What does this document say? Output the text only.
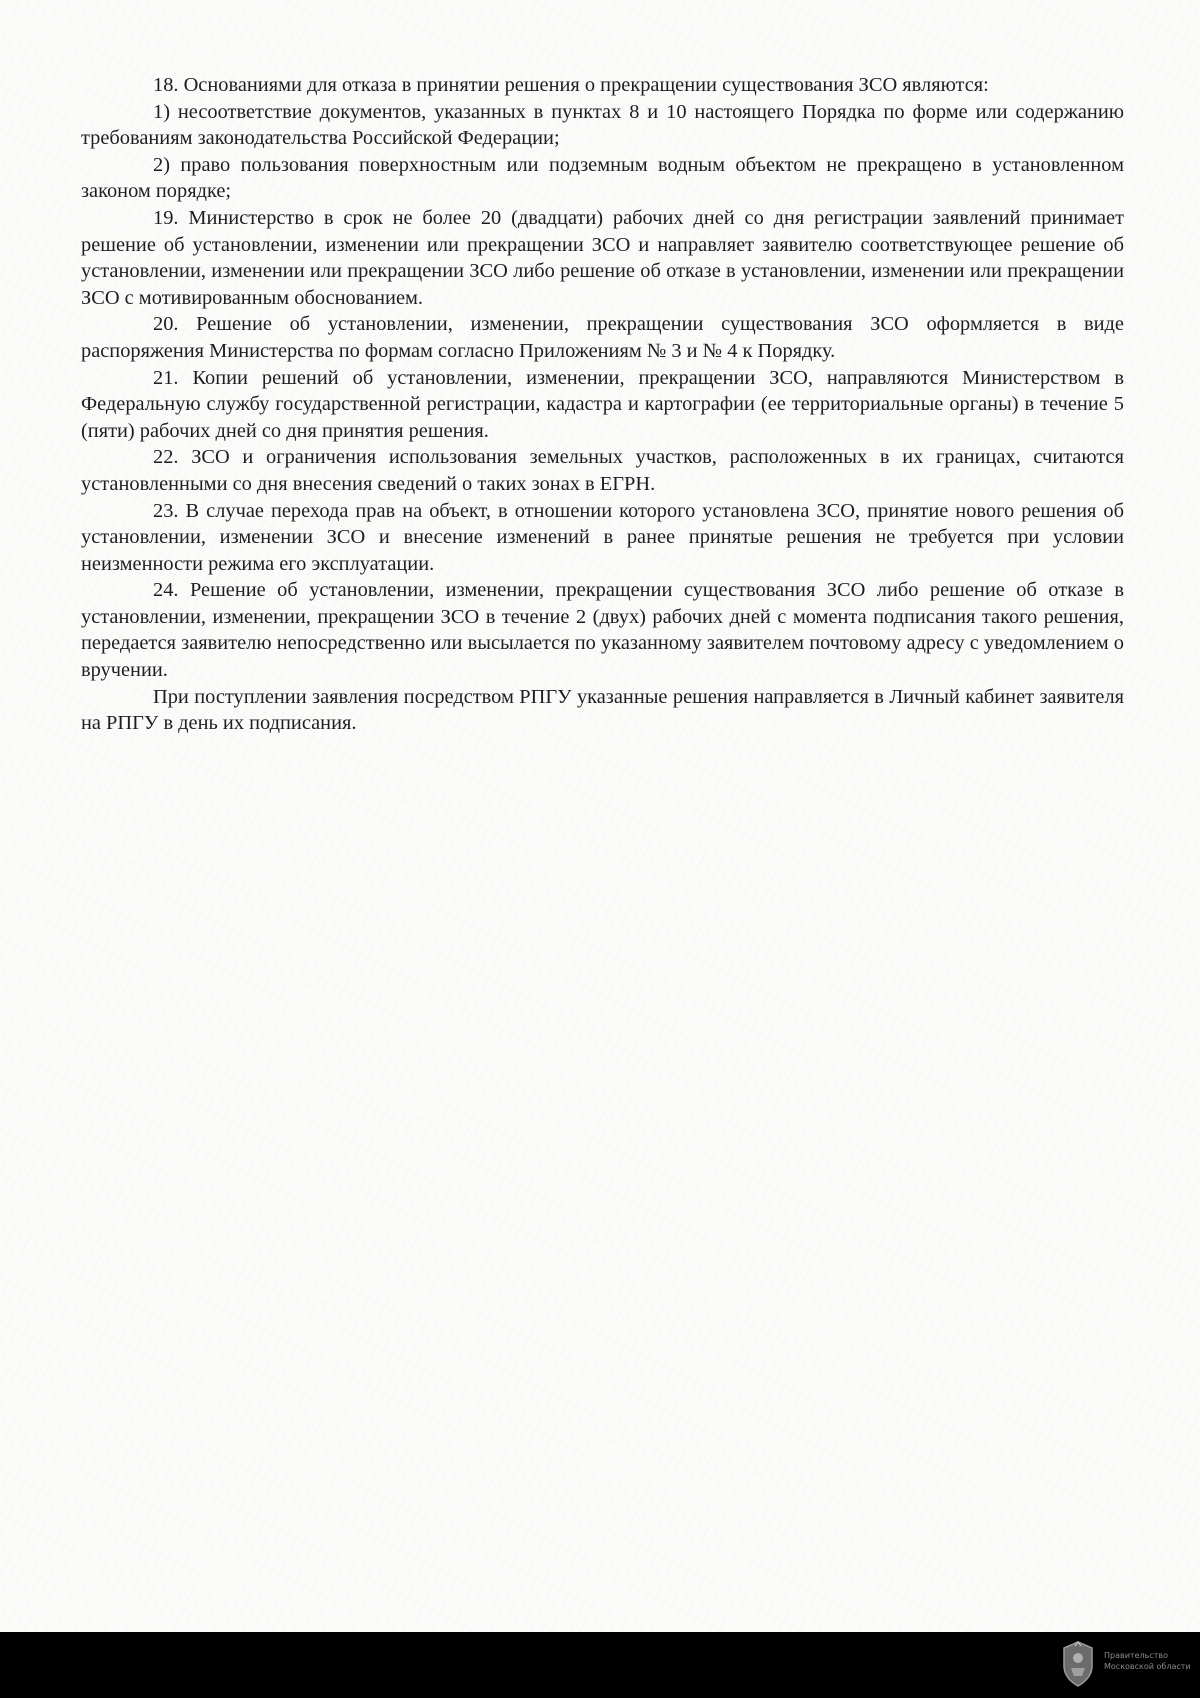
18. Основаниями для отказа в принятии решения о прекращении существования ЗСО являются:

1) несоответствие документов, указанных в пунктах 8 и 10 настоящего Порядка по форме или содержанию требованиям законодательства Российской Федерации;

2) право пользования поверхностным или подземным водным объектом не прекращено в установленном законом порядке;

19. Министерство в срок не более 20 (двадцати) рабочих дней со дня регистрации заявлений принимает решение об установлении, изменении или прекращении ЗСО и направляет заявителю соответствующее решение об установлении, изменении или прекращении ЗСО либо решение об отказе в установлении, изменении или прекращении ЗСО с мотивированным обоснованием.

20. Решение об установлении, изменении, прекращении существования ЗСО оформляется в виде распоряжения Министерства по формам согласно Приложениям № 3 и № 4 к Порядку.

21. Копии решений об установлении, изменении, прекращении ЗСО, направляются Министерством в Федеральную службу государственной регистрации, кадастра и картографии (ее территориальные органы) в течение 5 (пяти) рабочих дней со дня принятия решения.

22. ЗСО и ограничения использования земельных участков, расположенных в их границах, считаются установленными со дня внесения сведений о таких зонах в ЕГРН.

23. В случае перехода прав на объект, в отношении которого установлена ЗСО, принятие нового решения об установлении, изменении ЗСО и внесение изменений в ранее принятые решения не требуется при условии неизменности режима его эксплуатации.

24. Решение об установлении, изменении, прекращении существования ЗСО либо решение об отказе в установлении, изменении, прекращении ЗСО в течение 2 (двух) рабочих дней с момента подписания такого решения, передается заявителю непосредственно или высылается по указанному заявителем почтовому адресу с уведомлением о вручении.

При поступлении заявления посредством РПГУ указанные решения направляется в Личный кабинет заявителя на РПГУ в день их подписания.

Правительство
Московской области
